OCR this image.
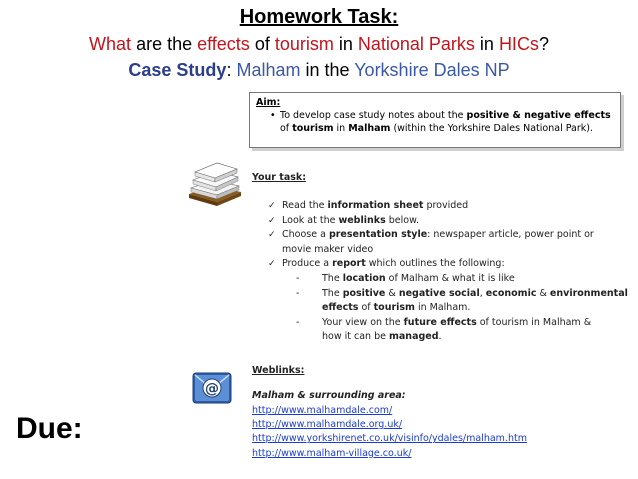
Homework Task:
What are the effects of tourism in National Parks in HICs?
Case Study: Malham in the Yorkshire Dales NP
Aim:
• To develop case study notes about the positive & negative effects of tourism in Malham (within the Yorkshire Dales National Park).
Your task:
✓ Read the information sheet provided
✓ Look at the weblinks below.
✓ Choose a presentation style: newspaper article, power point or
movie maker video
✓ Produce a report which outlines the following:
- The location of Malham & what it is like
- The positive & negative social, economic & environmental
effects of tourism in Malham.
- Your view on the future effects of tourism in Malham &
how it can be managed.
@
Weblinks:
Malham & surrounding area:
http://www.malhamdale.com/
http://www.malhamdale.org.uk/
http://www.yorkshirenet.co.uk/visinfo/ydales/malham.htm
http://www.malham-village.co.uk/
Due:
